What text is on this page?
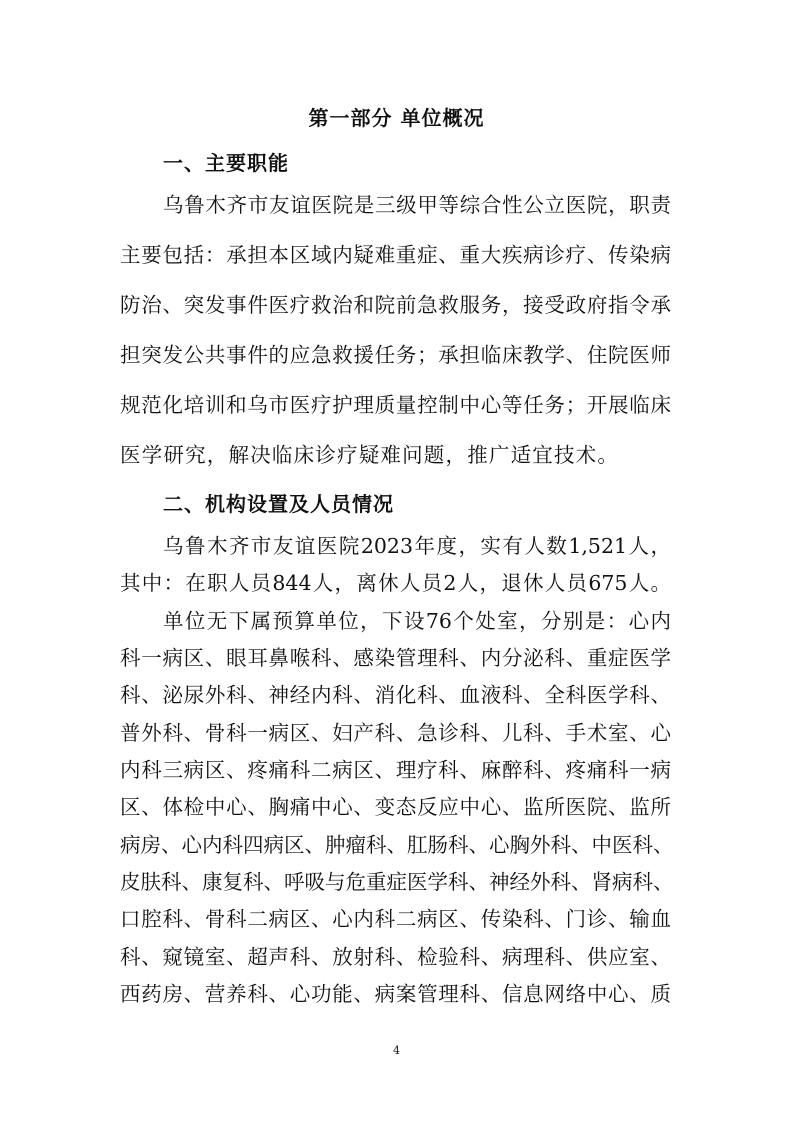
第一部分 单位概况
一、主要职能
乌鲁木齐市友谊医院是三级甲等综合性公立医院，职责
主要包括：承担本区域内疑难重症、重大疾病诊疗、传染病
防治、突发事件医疗救治和院前急救服务，接受政府指令承
担突发公共事件的应急救援任务；承担临床教学、住院医师
规范化培训和乌市医疗护理质量控制中心等任务；开展临床
医学研究，解决临床诊疗疑难问题，推广适宜技术。
二、机构设置及人员情况
乌鲁木齐市友谊医院2023年度，实有人数1,521人，
其中：在职人员844人，离休人员2人，退休人员675人。
单位无下属预算单位，下设76个处室，分别是：心内
科一病区、眼耳鼻喉科、感染管理科、内分泌科、重症医学
科、泌尿外科、神经内科、消化科、血液科、全科医学科、
普外科、骨科一病区、妇产科、急诊科、儿科、手术室、心
内科三病区、疼痛科二病区、理疗科、麻醉科、疼痛科一病
区、体检中心、胸痛中心、变态反应中心、监所医院、监所
病房、心内科四病区、肿瘤科、肛肠科、心胸外科、中医科、
皮肤科、康复科、呼吸与危重症医学科、神经外科、肾病科、
4
口腔科、骨科二病区、心内科二病区、传染科、门诊、输血
科、窥镜室、超声科、放射科、检验科、病理科、供应室、
西药房、营养科、心功能、病案管理科、信息网络中心、质
